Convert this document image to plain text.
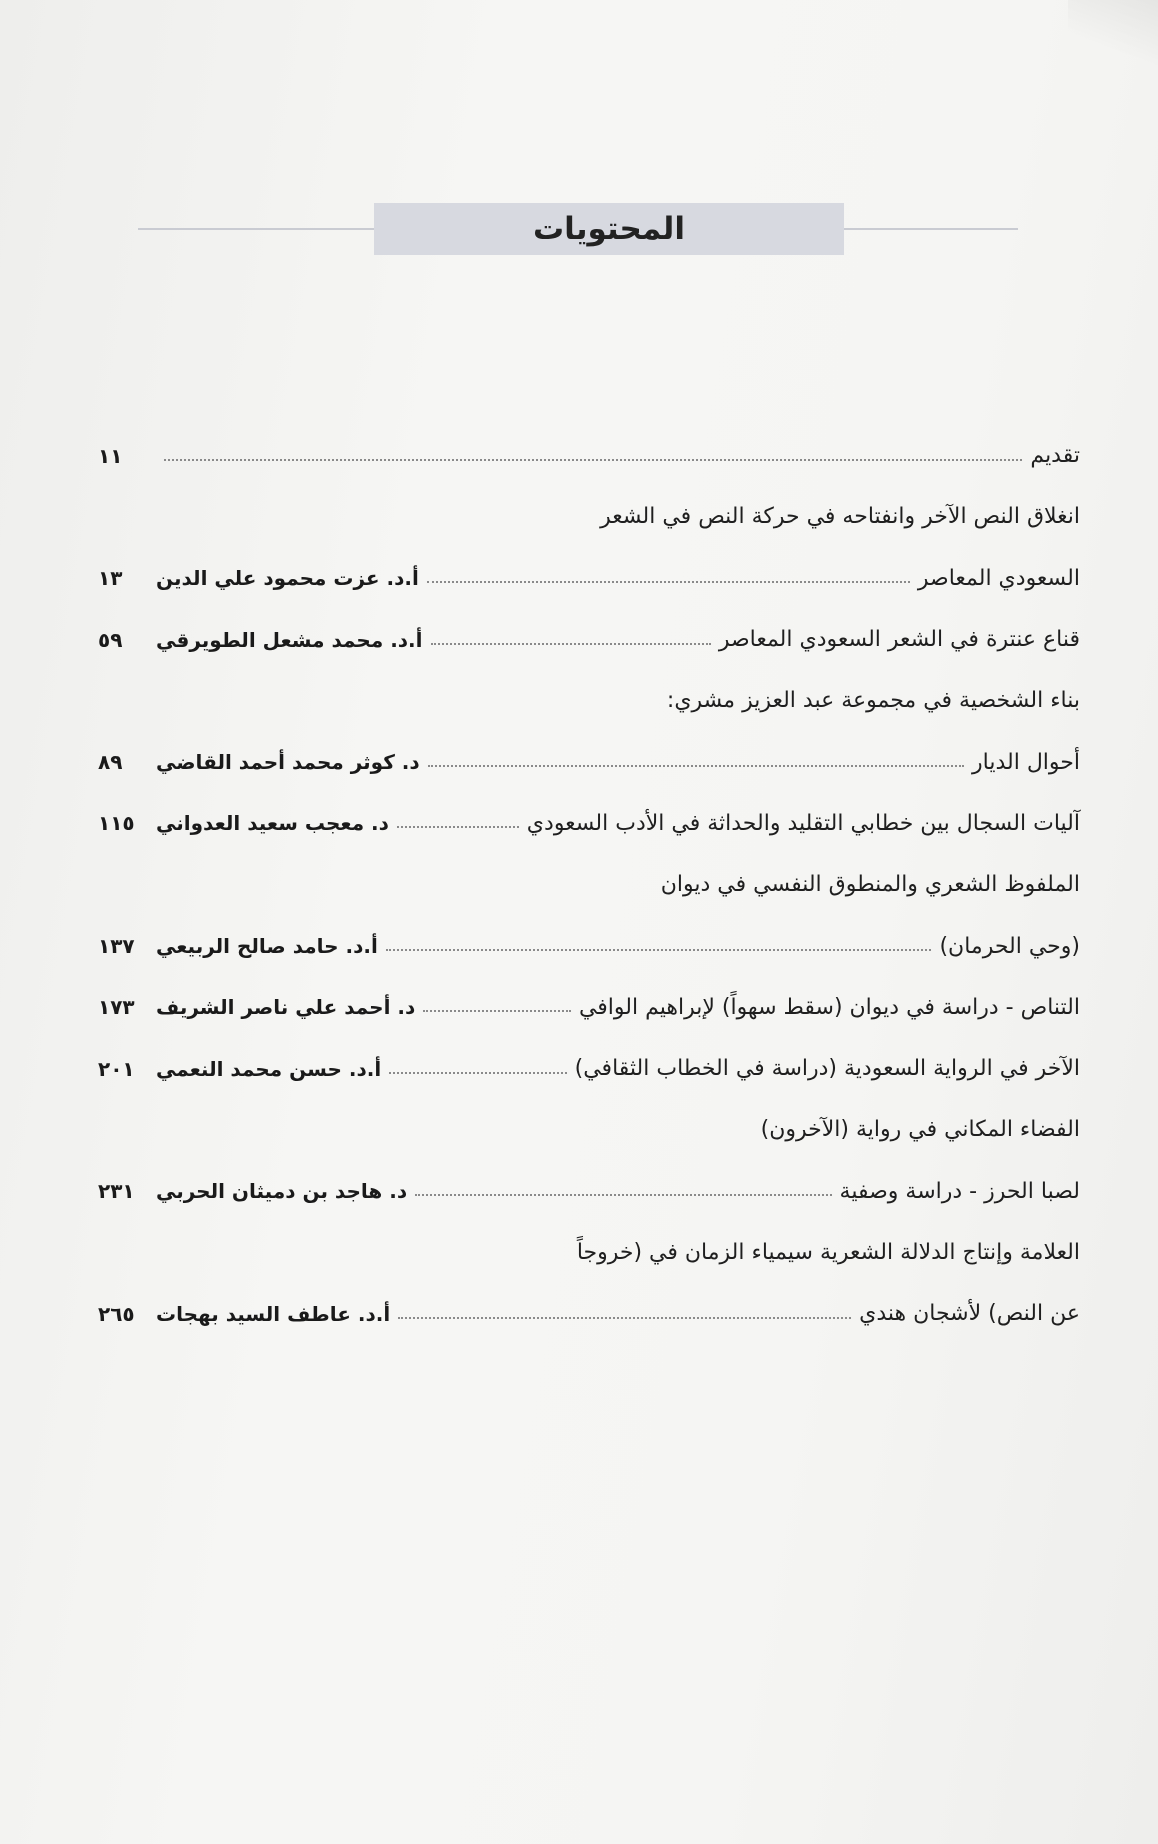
المحتويات
تقديم
١١
انغلاق النص الآخر وانفتاحه في حركة النص في الشعر
السعودي المعاصر
أ.د. عزت محمود علي الدين
١٣
قناع عنترة في الشعر السعودي المعاصر
أ.د. محمد مشعل الطويرقي
٥٩
بناء الشخصية في مجموعة عبد العزيز مشري:
أحوال الديار
د. كوثر محمد أحمد القاضي
٨٩
آليات السجال بين خطابي التقليد والحداثة في الأدب السعودي
د. معجب سعيد العدواني
١١٥
الملفوظ الشعري والمنطوق النفسي في ديوان
(وحي الحرمان)
أ.د. حامد صالح الربيعي
١٣٧
التناص - دراسة في ديوان (سقط سهواً) لإبراهيم الوافي
د. أحمد علي ناصر الشريف
١٧٣
الآخر في الرواية السعودية (دراسة في الخطاب الثقافي)
أ.د. حسن محمد النعمي
٢٠١
الفضاء المكاني في رواية (الآخرون)
لصبا الحرز - دراسة وصفية
د. هاجد بن دميثان الحربي
٢٣١
العلامة وإنتاج الدلالة الشعرية سيمياء الزمان في (خروجاً
عن النص) لأشجان هندي
أ.د. عاطف السيد بهجات
٢٦٥
